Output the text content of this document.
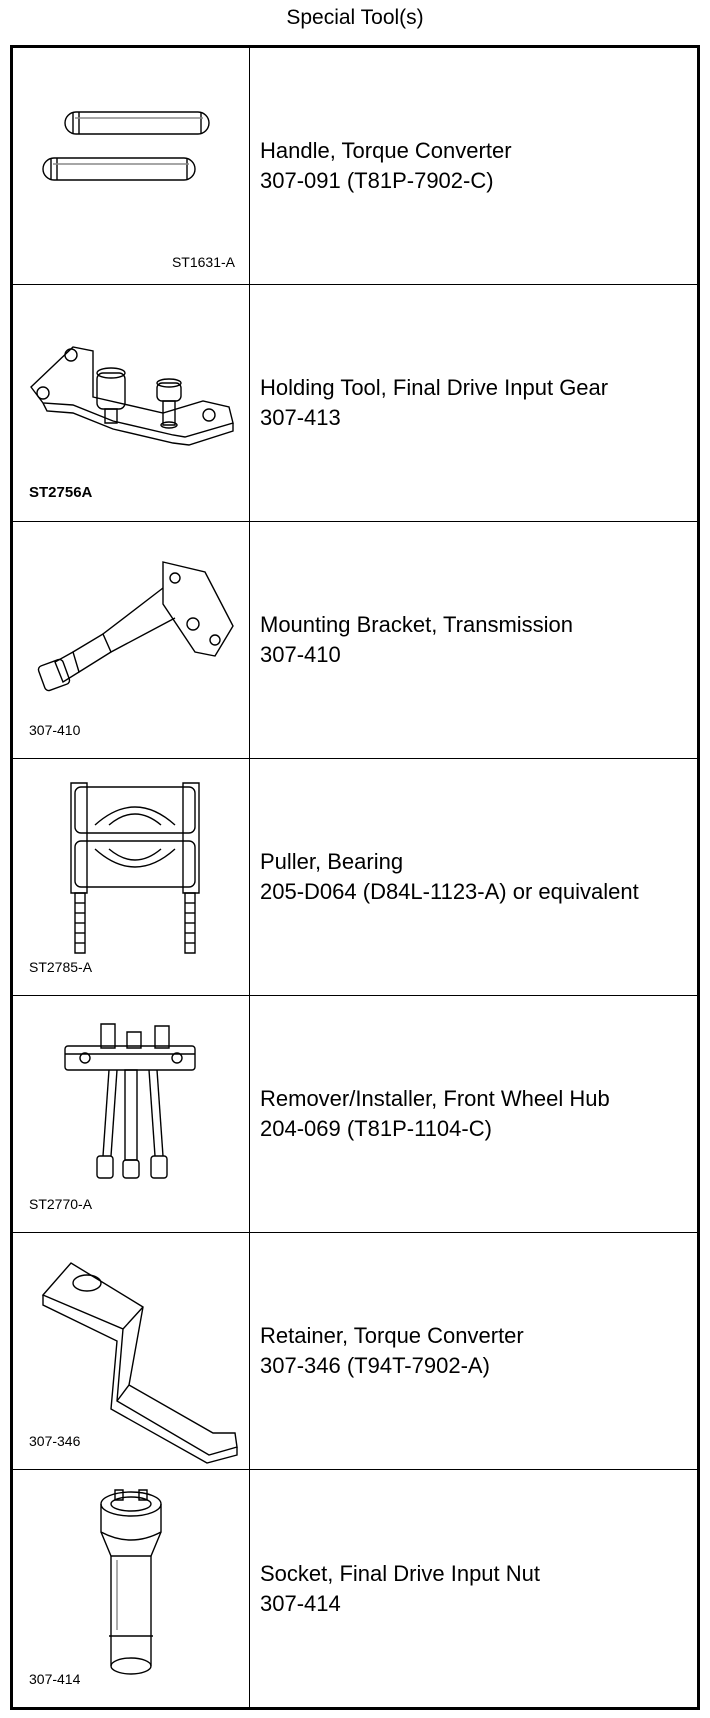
Special Tool(s)
ST1631-A
Handle, Torque Converter
307-091 (T81P-7902-C)
ST2756A
Holding Tool, Final Drive Input Gear
307-413
307-410
Mounting Bracket, Transmission
307-410
ST2785-A
Puller, Bearing
205-D064 (D84L-1123-A) or equivalent
ST2770-A
Remover/Installer, Front Wheel Hub
204-069 (T81P-1104-C)
307-346
Retainer, Torque Converter
307-346 (T94T-7902-A)
307-414
Socket, Final Drive Input Nut
307-414
